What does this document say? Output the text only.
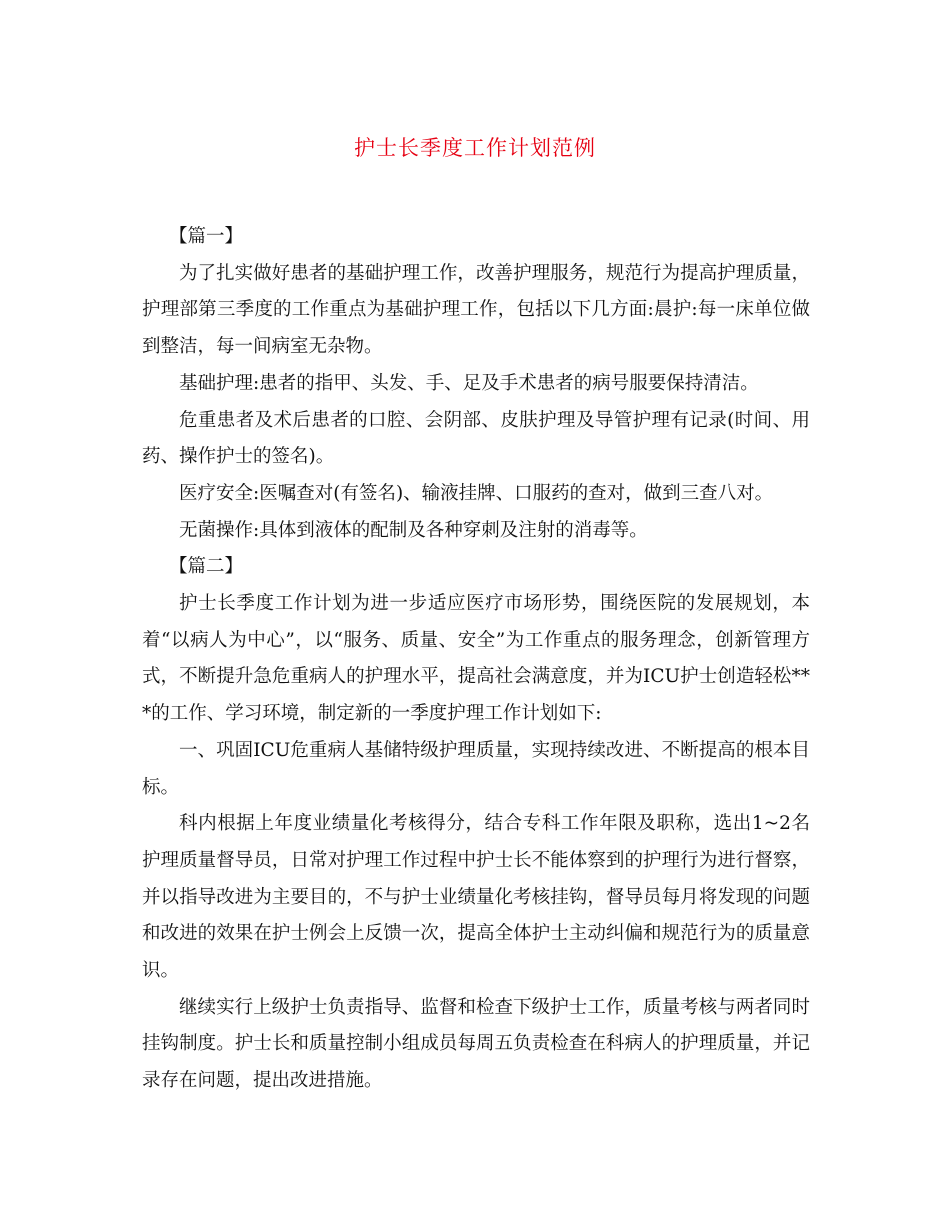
护士长季度工作计划范例

【篇一】

为了扎实做好患者的基础护理工作，改善护理服务，规范行为提高护理质量，护理部第三季度的工作重点为基础护理工作，包括以下几方面:晨护:每一床单位做到整洁，每一间病室无杂物。

基础护理:患者的指甲、头发、手、足及手术患者的病号服要保持清洁。

危重患者及术后患者的口腔、会阴部、皮肤护理及导管护理有记录(时间、用药、操作护士的签名)。

医疗安全:医嘱查对(有签名)、输液挂牌、口服药的查对，做到三查八对。

无菌操作:具体到液体的配制及各种穿刺及注射的消毒等。

【篇二】

护士长季度工作计划为进一步适应医疗市场形势，围绕医院的发展规划，本着“以病人为中心”，以“服务、质量、安全”为工作重点的服务理念，创新管理方式，不断提升急危重病人的护理水平，提高社会满意度，并为ICU护士创造轻松***的工作、学习环境，制定新的一季度护理工作计划如下:

一、巩固ICU危重病人基储特级护理质量，实现持续改进、不断提高的根本目标。

科内根据上年度业绩量化考核得分，结合专科工作年限及职称，选出1~2名护理质量督导员，日常对护理工作过程中护士长不能体察到的护理行为进行督察，并以指导改进为主要目的，不与护士业绩量化考核挂钩，督导员每月将发现的问题和改进的效果在护士例会上反馈一次，提高全体护士主动纠偏和规范行为的质量意识。

继续实行上级护士负责指导、监督和检查下级护士工作，质量考核与两者同时挂钩制度。护士长和质量控制小组成员每周五负责检查在科病人的护理质量，并记录存在问题，提出改进措施。
